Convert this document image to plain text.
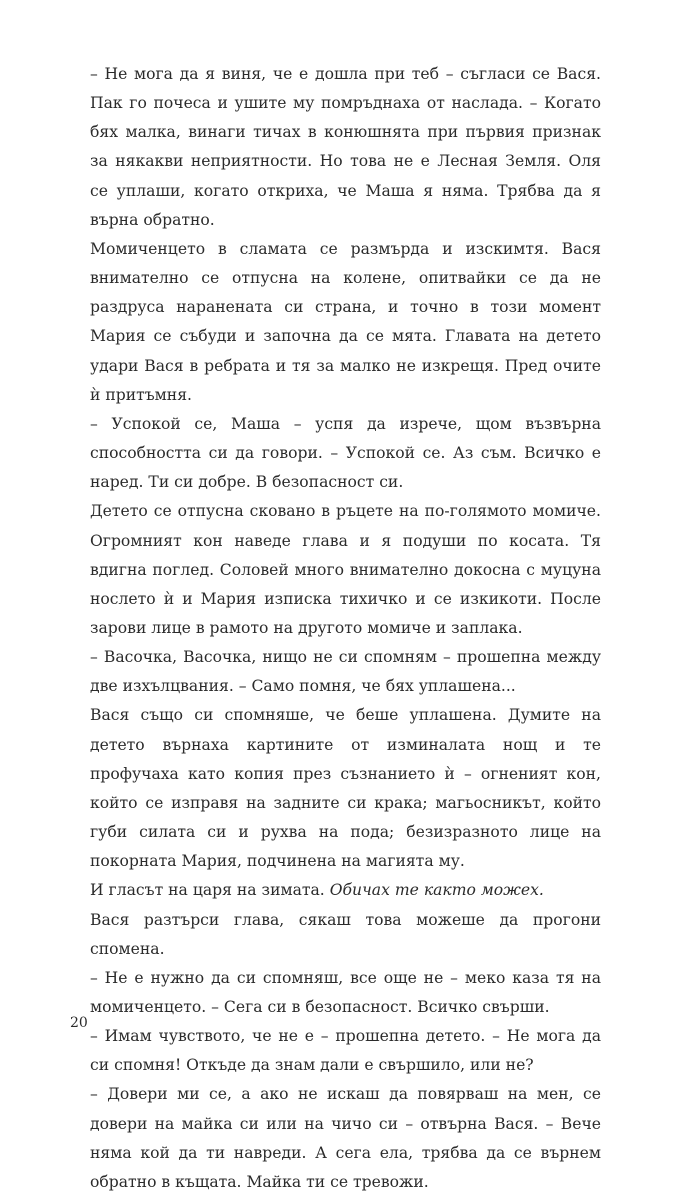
– Не мога да я виня, че е дошла при теб – съгласи се Вася. Пак го почеса и ушите му помръднаха от наслада. – Когато бях малка, винаги тичах в конюшнята при първия признак за някакви неприятности. Но това не е Лесная Земля. Оля се уплаши, когато откриха, че Маша я няма. Трябва да я върна обратно.

Момиченцето в сламата се размърда и изскимтя. Вася внимателно се отпусна на колене, опитвайки се да не раздруса наранената си страна, и точно в този момент Мария се събуди и започна да се мята. Главата на детето удари Вася в ребрата и тя за малко не изкрещя. Пред очите ѝ притъмня.

– Успокой се, Маша – успя да изрече, щом възвърна способността си да говори. – Успокой се. Аз съм. Всичко е наред. Ти си добре. В безопасност си.

Детето се отпусна сковано в ръцете на по-голямото момиче. Огромният кон наведе глава и я подуши по косата. Тя вдигна поглед. Соловей много внимателно докосна с муцуна нослето ѝ и Мария изписка тихичко и се изкикоти. После зарови лице в рамото на другото момиче и заплака.

– Васочка, Васочка, нищо не си спомням – прошепна между две изхълцвания. – Само помня, че бях уплашена...

Вася също си спомняше, че беше уплашена. Думите на детето върнаха картините от изминалата нощ и те профучаха като копия през съзнанието ѝ – огненият кон, който се изправя на задните си крака; магьосникът, който губи силата си и рухва на пода; безизразното лице на покорната Мария, подчинена на магията му.

И гласът на царя на зимата. Обичах те както можех.

Вася разтърси глава, сякаш това можеше да прогони спомена.

– Не е нужно да си спомняш, все още не – меко каза тя на момиченцето. – Сега си в безопасност. Всичко свърши.

– Имам чувството, че не е – прошепна детето. – Не мога да си спомня! Откъде да знам дали е свършило, или не?

– Довери ми се, а ако не искаш да повярваш на мен, се довери на майка си или на чичо си – отвърна Вася. – Вече няма кой да ти навреди. А сега ела, трябва да се върнем обратно в къщата. Майка ти се тревожи.

20
